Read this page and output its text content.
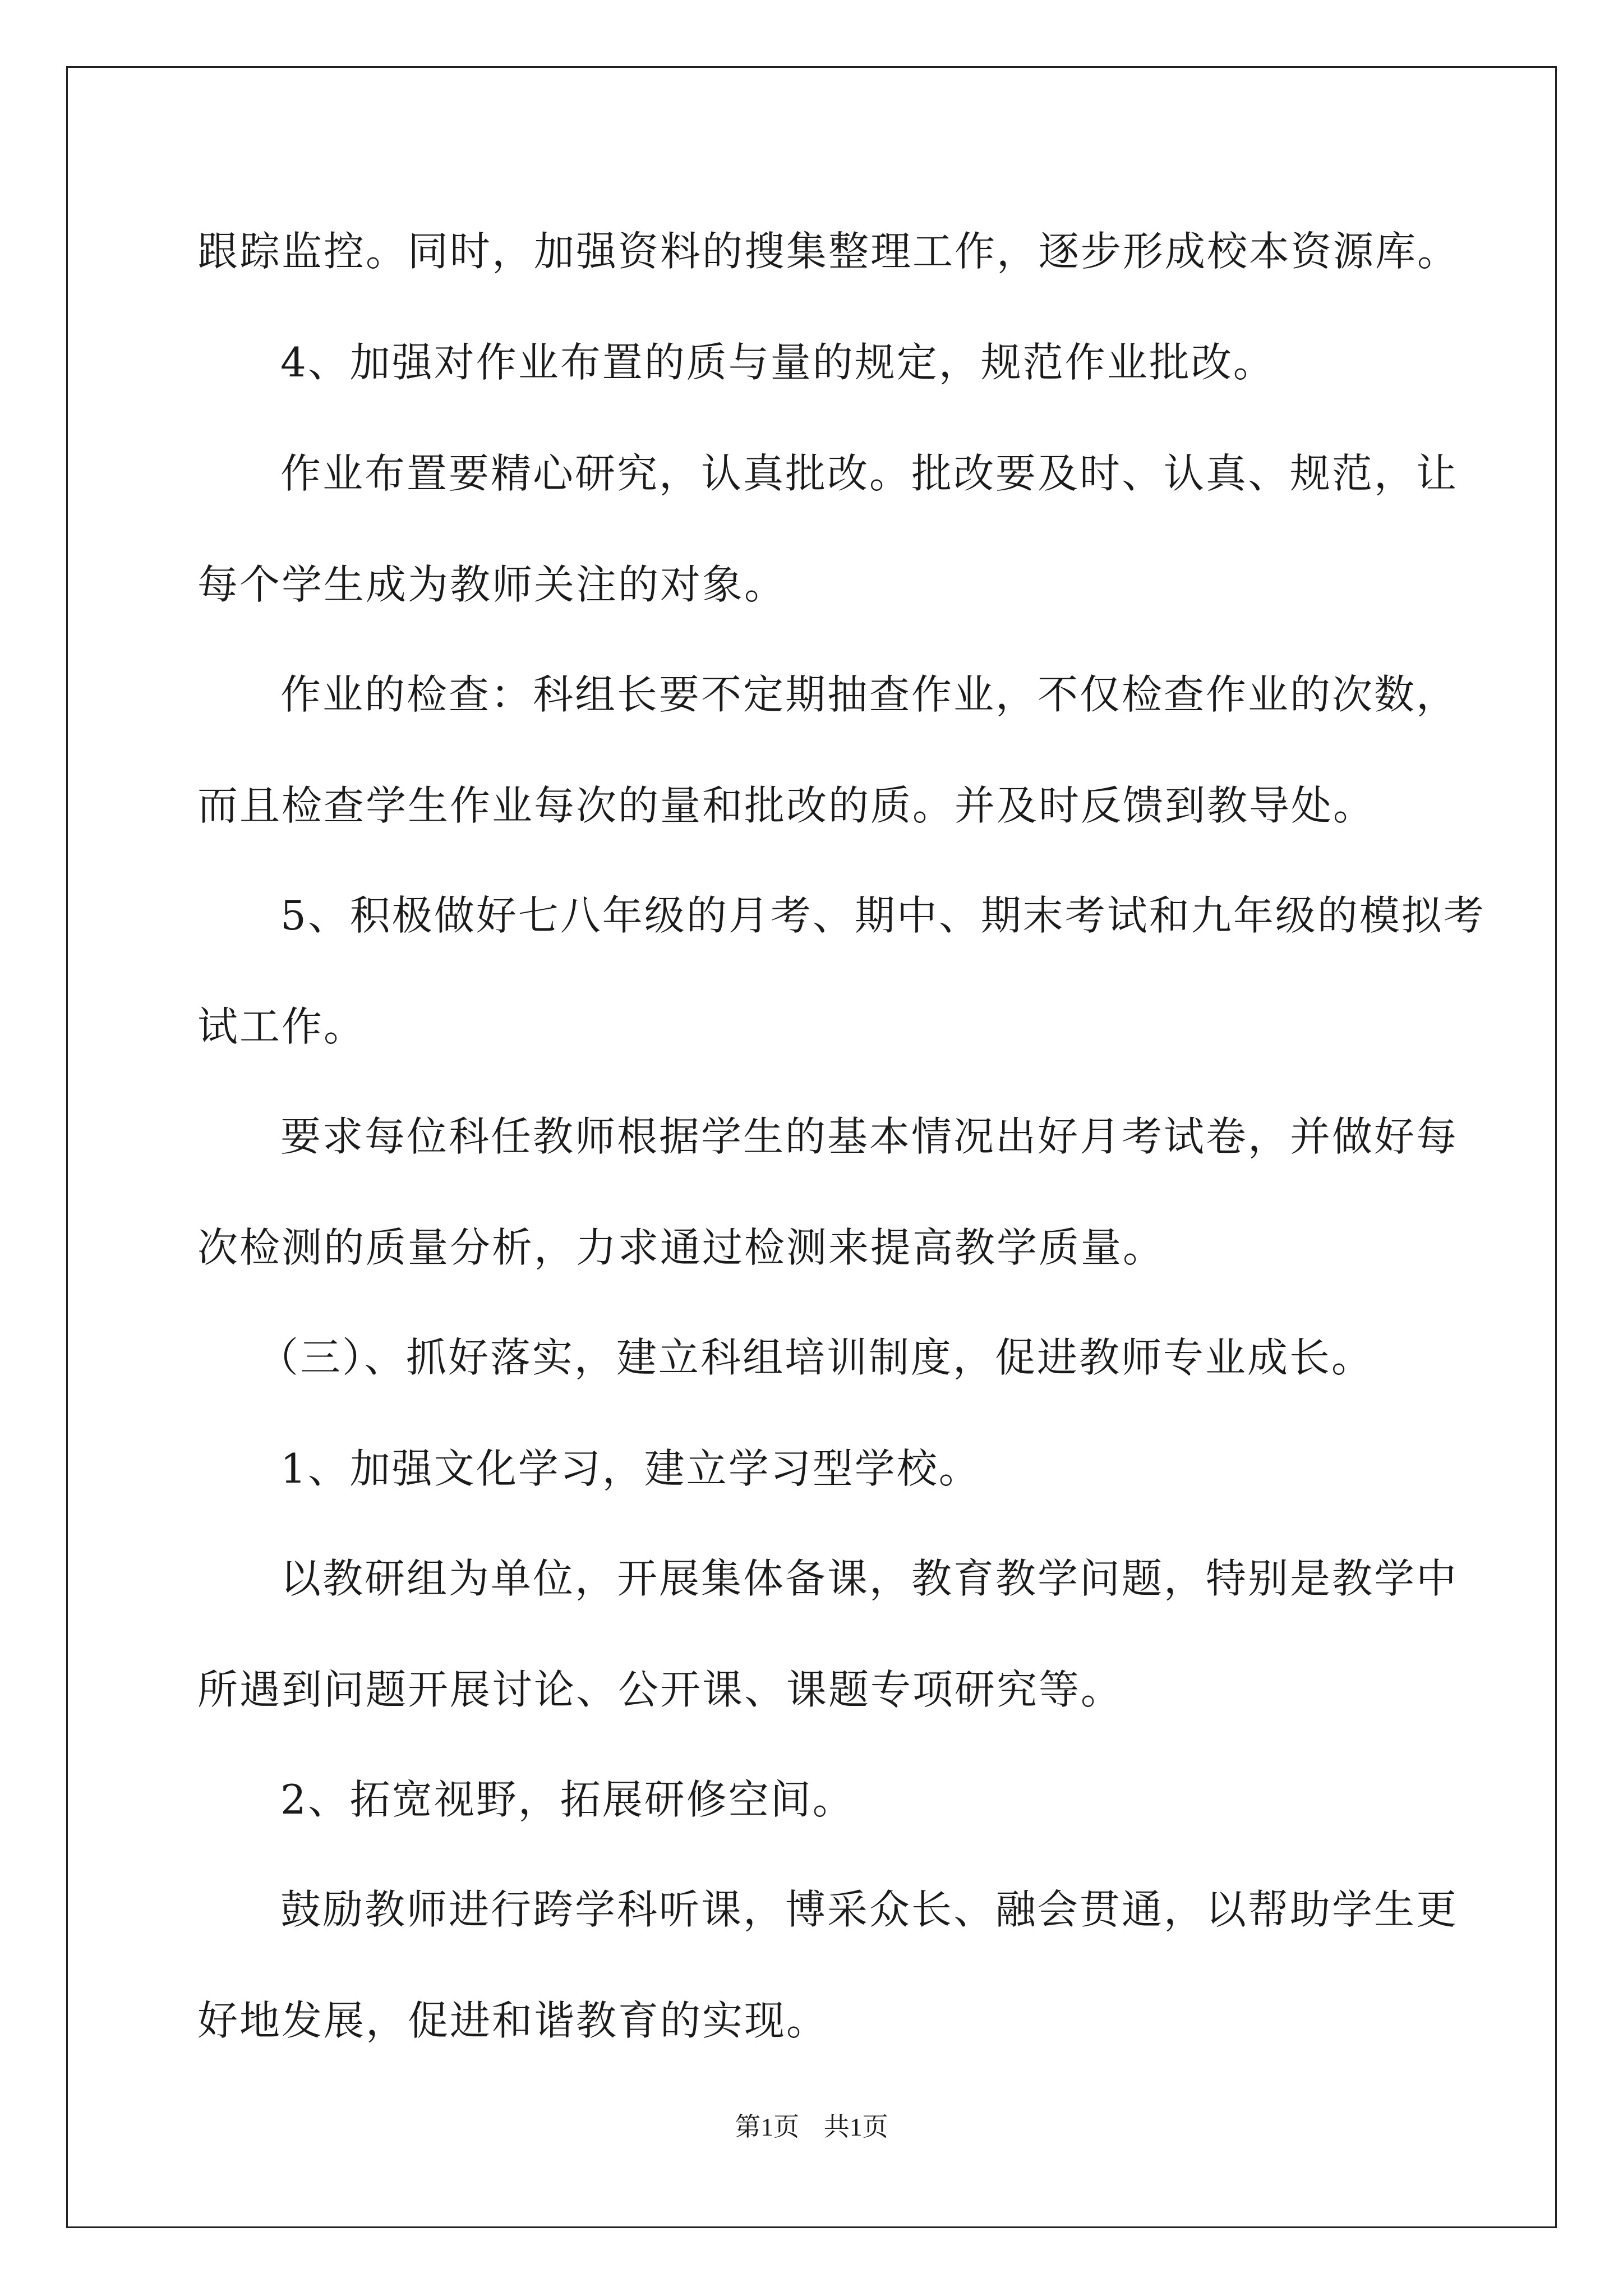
跟踪监控。同时，加强资料的搜集整理工作，逐步形成校本资源库。
4、加强对作业布置的质与量的规定，规范作业批改。
作业布置要精心研究，认真批改。批改要及时、认真、规范，让
每个学生成为教师关注的对象。
作业的检查：科组长要不定期抽查作业，不仅检查作业的次数，
而且检查学生作业每次的量和批改的质。并及时反馈到教导处。
5、积极做好七八年级的月考、期中、期末考试和九年级的模拟考
试工作。
要求每位科任教师根据学生的基本情况出好月考试卷，并做好每
次检测的质量分析，力求通过检测来提高教学质量。
（三）、抓好落实，建立科组培训制度，促进教师专业成长。
1、加强文化学习，建立学习型学校。
以教研组为单位，开展集体备课，教育教学问题，特别是教学中
所遇到问题开展讨论、公开课、课题专项研究等。
2、拓宽视野，拓展研修空间。
鼓励教师进行跨学科听课，博采众长、融会贯通，以帮助学生更
好地发展，促进和谐教育的实现。
第1页 共1页
